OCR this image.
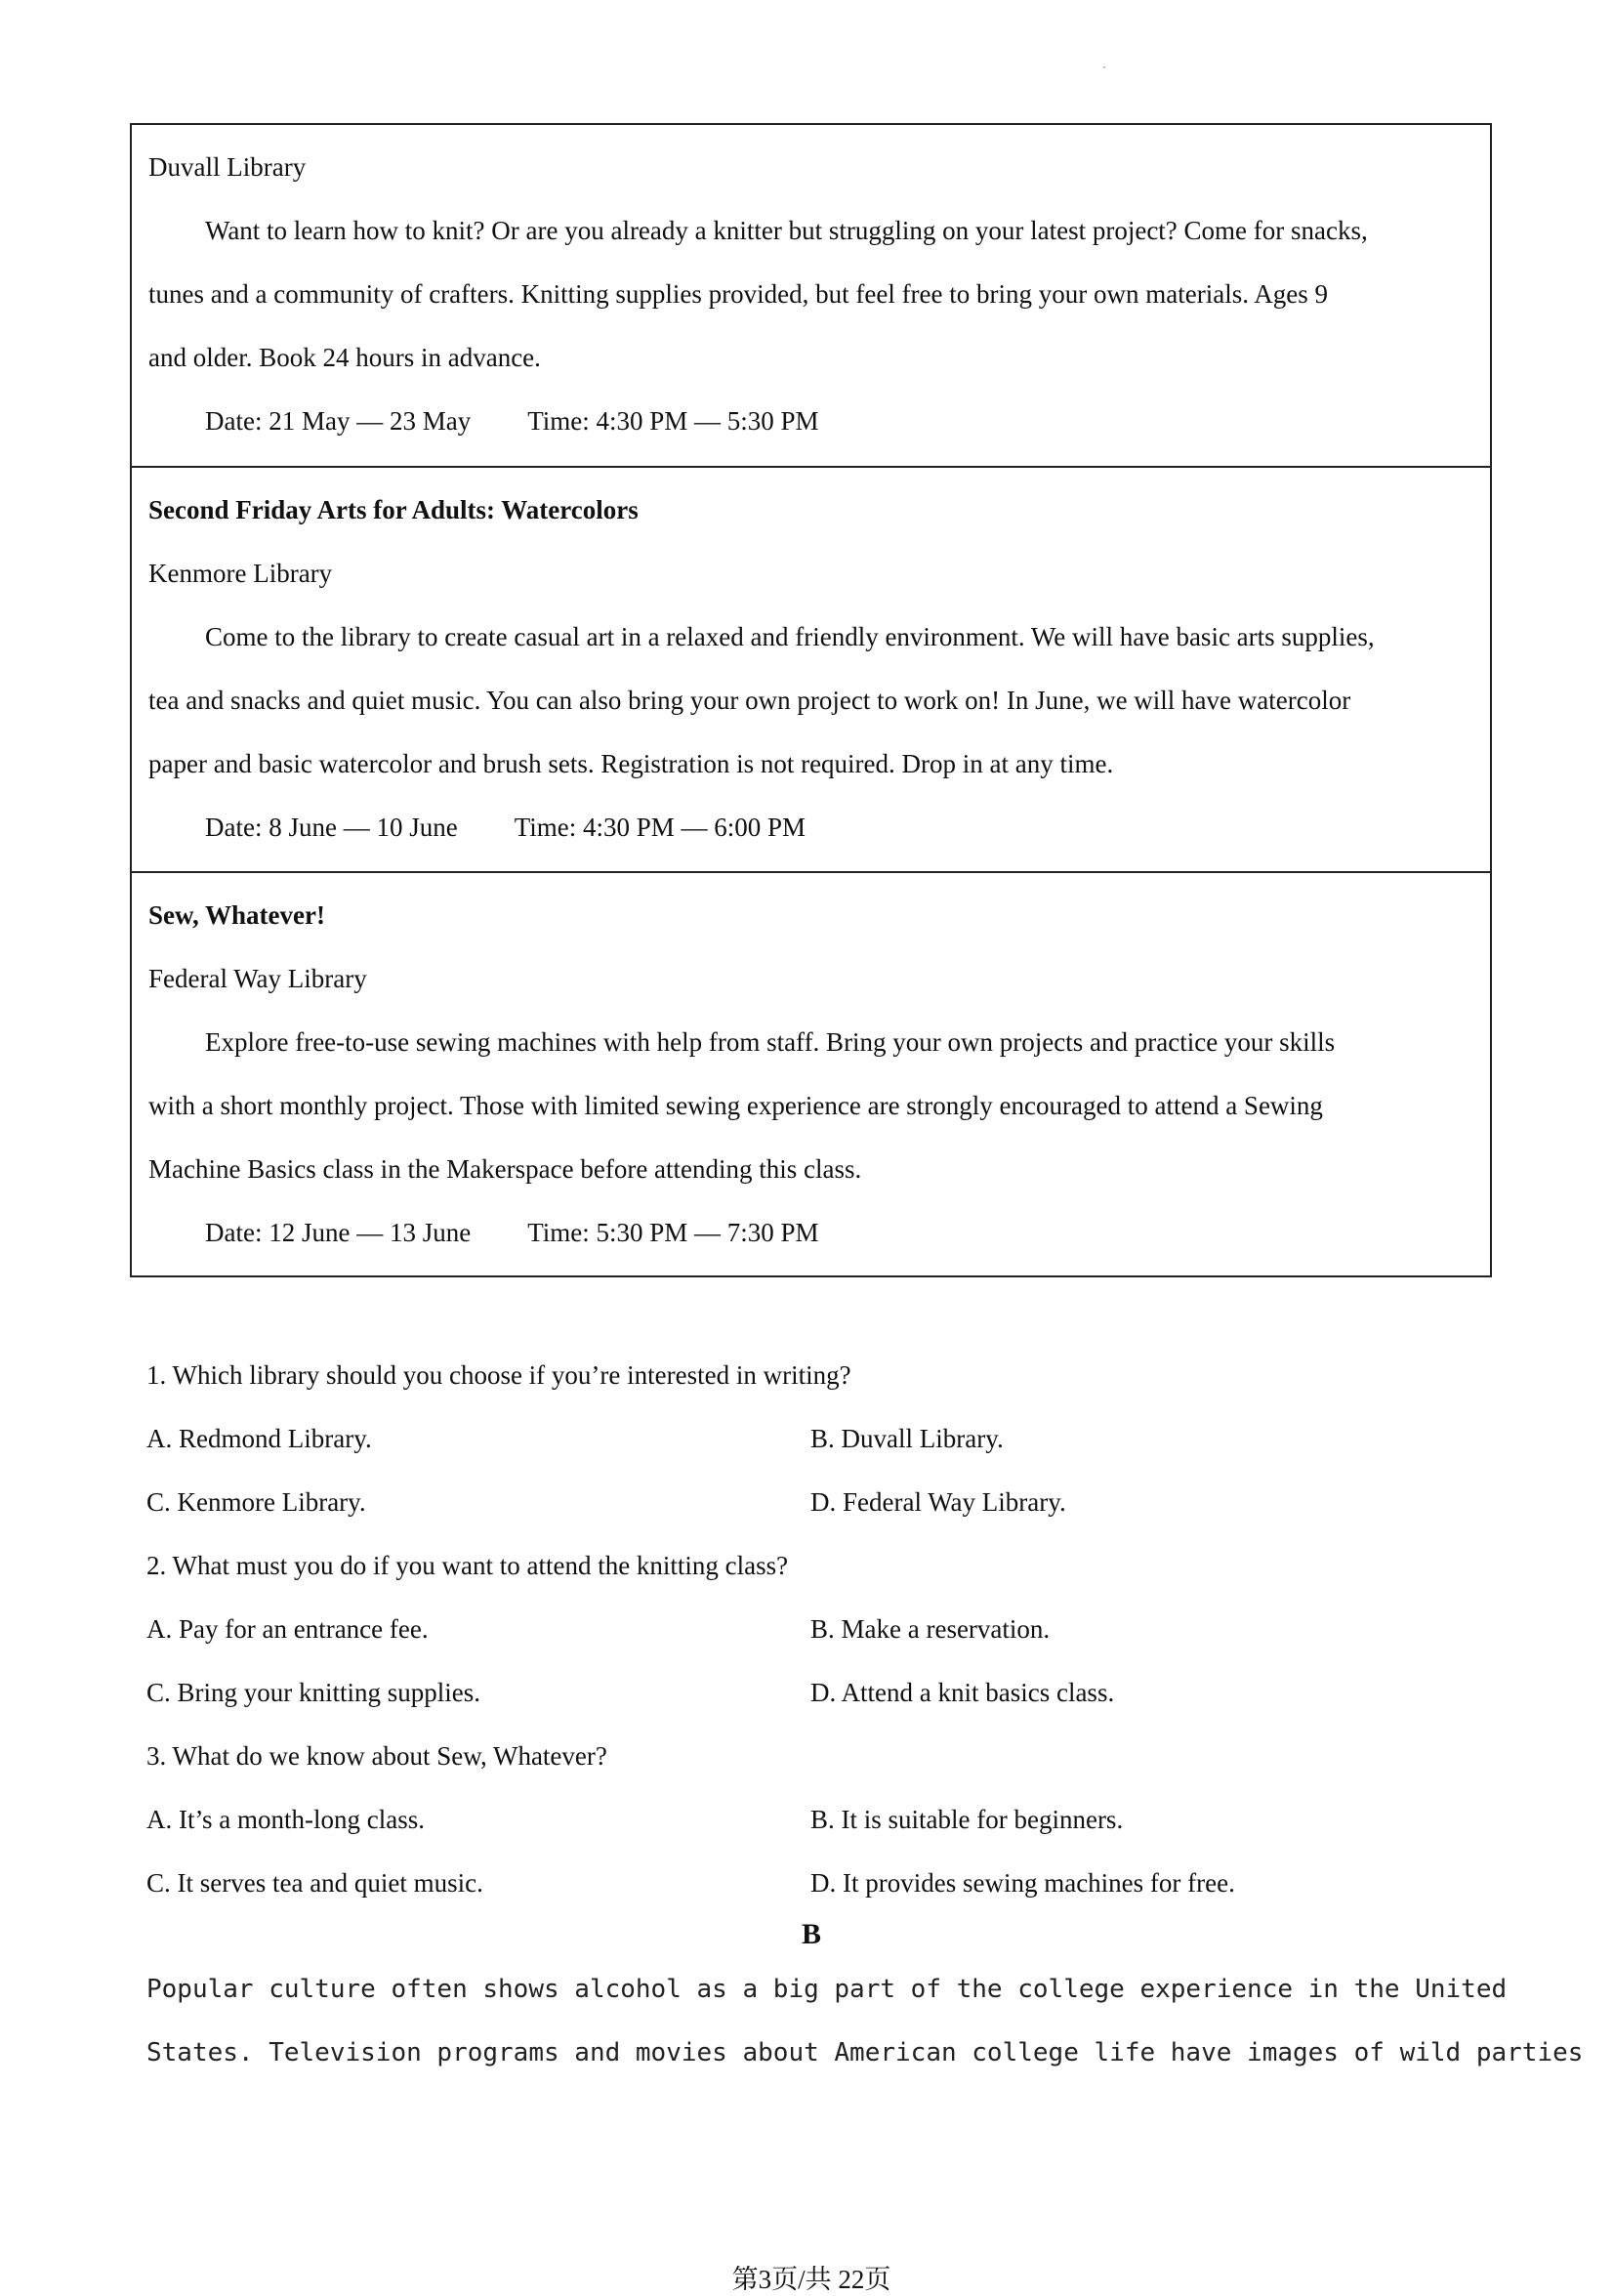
Duvall Library
Want to learn how to knit? Or are you already a knitter but struggling on your latest project? Come for snacks,
tunes and a community of crafters. Knitting supplies provided, but feel free to bring your own materials. Ages 9
and older. Book 24 hours in advance.
Date: 21 May — 23 May Time: 4:30 PM — 5:30 PM
Second Friday Arts for Adults: Watercolors
Kenmore Library
Come to the library to create casual art in a relaxed and friendly environment. We will have basic arts supplies,
tea and snacks and quiet music. You can also bring your own project to work on! In June, we will have watercolor
paper and basic watercolor and brush sets. Registration is not required. Drop in at any time.
Date: 8 June — 10 June Time: 4:30 PM — 6:00 PM
Sew, Whatever!
Federal Way Library
Explore free-to-use sewing machines with help from staff. Bring your own projects and practice your skills
with a short monthly project. Those with limited sewing experience are strongly encouraged to attend a Sewing
Machine Basics class in the Makerspace before attending this class.
Date: 12 June — 13 June Time: 5:30 PM — 7:30 PM
1. Which library should you choose if you’re interested in writing?
A. Redmond Library.	B. Duvall Library.
C. Kenmore Library.	D. Federal Way Library.
2. What must you do if you want to attend the knitting class?
A. Pay for an entrance fee.	B. Make a reservation.
C. Bring your knitting supplies.	D. Attend a knit basics class.
3. What do we know about Sew, Whatever?
A. It’s a month-long class.	B. It is suitable for beginners.
C. It serves tea and quiet music.	D. It provides sewing machines for free.
B
Popular culture often shows alcohol as a big part of the college experience in the United
States. Television programs and movies about American college life have images of wild parties
第3页/共 22页
